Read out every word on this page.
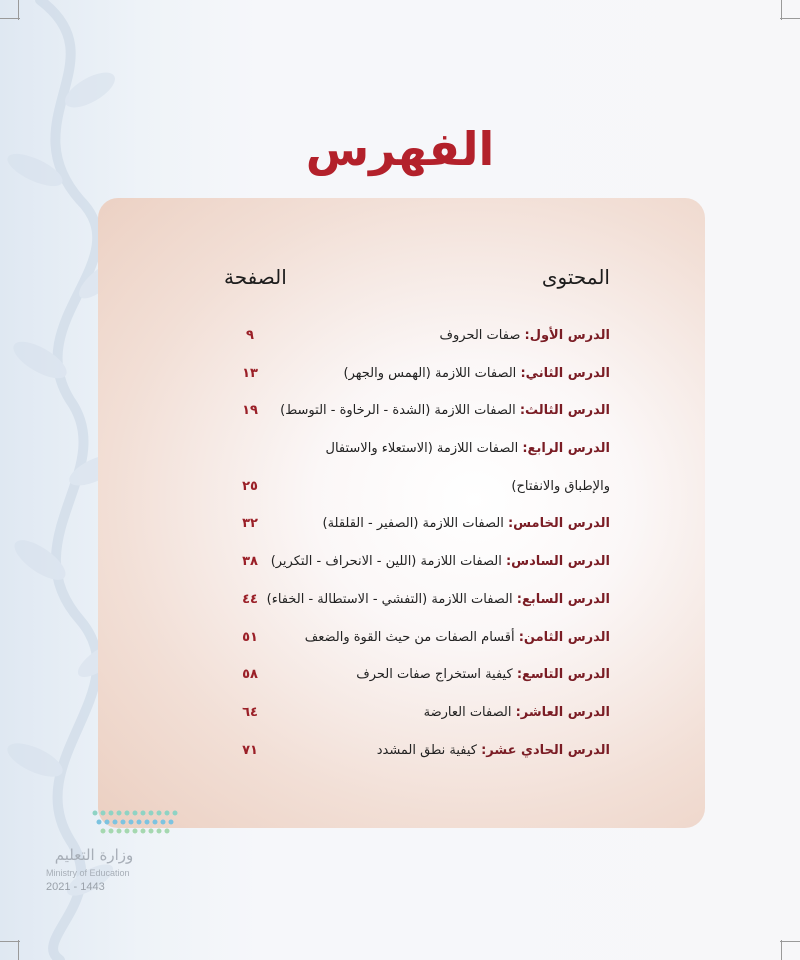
الفهرس
المحتوى
الصفحة
الدرس الأول: صفات الحروف
٩
الدرس الثاني: الصفات اللازمة (الهمس والجهر)
١٣
الدرس الثالث: الصفات اللازمة (الشدة - الرخاوة - التوسط)
١٩
الدرس الرابع: الصفات اللازمة (الاستعلاء والاستفال
والإطباق والانفتاح)
٢٥
الدرس الخامس: الصفات اللازمة (الصفير - القلقلة)
٣٢
الدرس السادس: الصفات اللازمة (اللين - الانحراف - التكرير)
٣٨
الدرس السابع: الصفات اللازمة (التفشي - الاستطالة - الخفاء)
٤٤
الدرس الثامن: أقسام الصفات من حيث القوة والضعف
٥١
الدرس التاسع: كيفية استخراج صفات الحرف
٥٨
الدرس العاشر: الصفات العارضة
٦٤
الدرس الحادي عشر: كيفية نطق المشدد
٧١
وزارة التعليم
Ministry of Education
2021 - 1443
